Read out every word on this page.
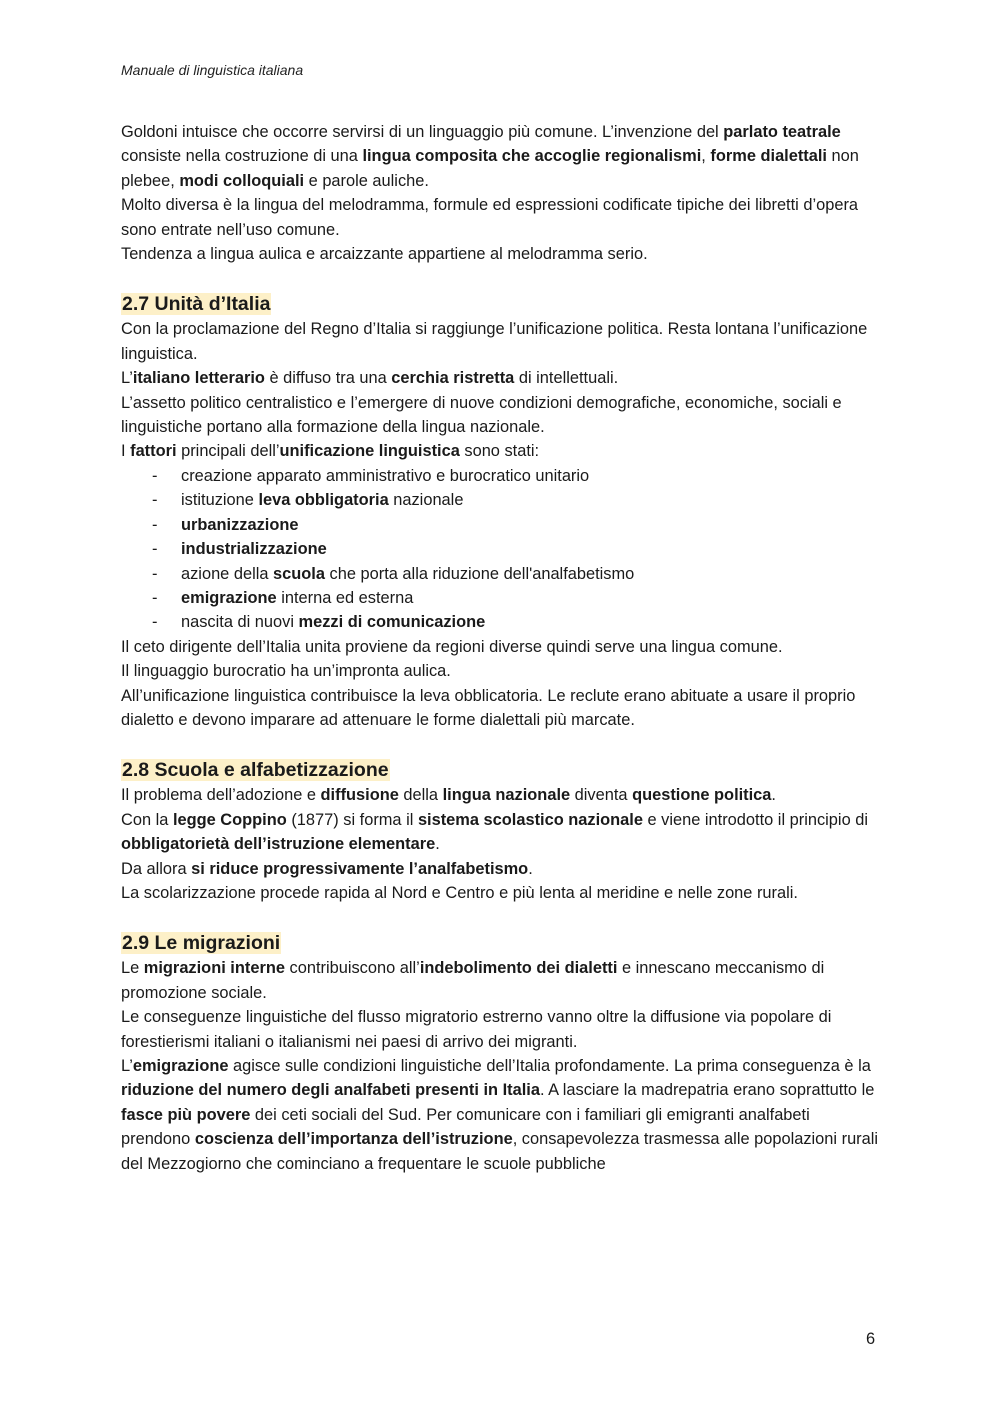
Manuale di linguistica italiana

Goldoni intuisce che occorre servirsi di un linguaggio più comune. L’invenzione del parlato teatrale consiste nella costruzione di una lingua composita che accoglie regionalismi, forme dialettali non plebee, modi colloquiali e parole auliche.

Molto diversa è la lingua del melodramma, formule ed espressioni codificate tipiche dei libretti d’opera sono entrate nell’uso comune.

Tendenza a lingua aulica e arcaizzante appartiene al melodramma serio.

2.7 Unità d’Italia

Con la proclamazione del Regno d’Italia si raggiunge l’unificazione politica. Resta lontana l’unificazione linguistica.

L’italiano letterario è diffuso tra una cerchia ristretta di intellettuali.

L’assetto politico centralistico e l’emergere di nuove condizioni demografiche, economiche, sociali e linguistiche portano alla formazione della lingua nazionale.

I fattori principali dell’unificazione linguistica sono stati:

- creazione apparato amministrativo e burocratico unitario
- istituzione leva obbligatoria nazionale
- urbanizzazione
- industrializzazione
- azione della scuola che porta alla riduzione dell'analfabetismo
- emigrazione interna ed esterna
- nascita di nuovi mezzi di comunicazione

Il ceto dirigente dell’Italia unita proviene da regioni diverse quindi serve una lingua comune.

Il linguaggio burocratio ha un’impronta aulica.

All’unificazione linguistica contribuisce la leva obblicatoria. Le reclute erano abituate a usare il proprio dialetto e devono imparare ad attenuare le forme dialettali più marcate.

2.8 Scuola e alfabetizzazione

Il problema dell’adozione e diffusione della lingua nazionale diventa questione politica.

Con la legge Coppino (1877) si forma il sistema scolastico nazionale e viene introdotto il principio di obbligatorietà dell’istruzione elementare.

Da allora si riduce progressivamente l’analfabetismo.

La scolarizzazione procede rapida al Nord e Centro e più lenta al meridine e nelle zone rurali.

2.9 Le migrazioni

Le migrazioni interne contribuiscono all’indebolimento dei dialetti e innescano meccanismo di promozione sociale.

Le conseguenze linguistiche del flusso migratorio estrerno vanno oltre la diffusione via popolare di forestierismi italiani o italianismi nei paesi di arrivo dei migranti.

L’emigrazione agisce sulle condizioni linguistiche dell’Italia profondamente. La prima conseguenza è la riduzione del numero degli analfabeti presenti in Italia. A lasciare la madrepatria erano soprattutto le fasce più povere dei ceti sociali del Sud. Per comunicare con i familiari gli emigranti analfabeti prendono coscienza dell’importanza dell’istruzione, consapevolezza trasmessa alle popolazioni rurali del Mezzogiorno che cominciano a frequentare le scuole pubbliche

6
